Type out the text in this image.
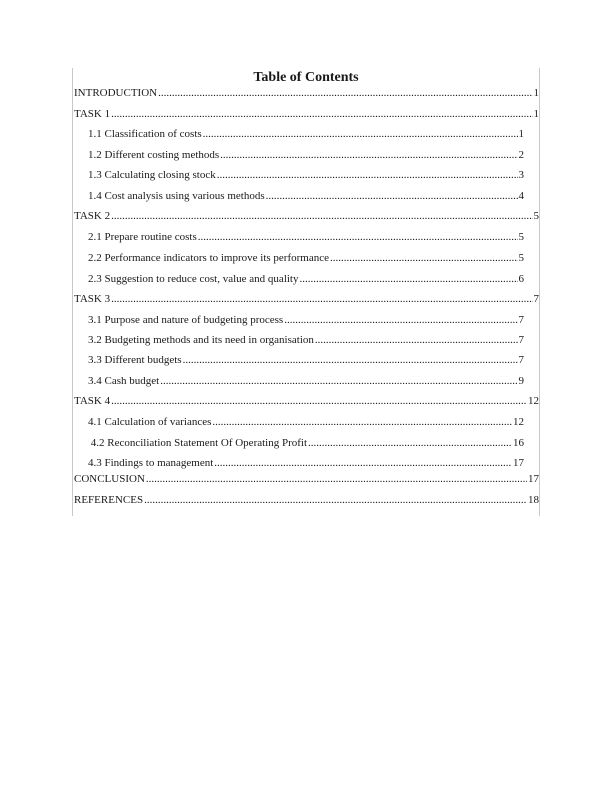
Table of Contents
INTRODUCTION .....	1
TASK 1 .....	1
1.1 Classification of costs .....	1
1.2 Different costing methods .....	2
1.3 Calculating closing stock .....	3
1.4 Cost analysis using various methods .....	4
TASK 2 .....	5
2.1 Prepare routine costs .....	5
2.2 Performance indicators to improve its performance .....	5
2.3 Suggestion to reduce cost, value and quality .....	6
TASK 3 .....	7
3.1 Purpose and nature of budgeting process .....	7
3.2 Budgeting methods and its need in organisation .....	7
3.3 Different budgets .....	7
3.4 Cash budget .....	9
TASK 4 .....	12
4.1 Calculation of variances .....	12
4.2 Reconciliation Statement Of Operating Profit .....	16
4.3 Findings to management .....	17
CONCLUSION .....	17
REFERENCES .....	18
